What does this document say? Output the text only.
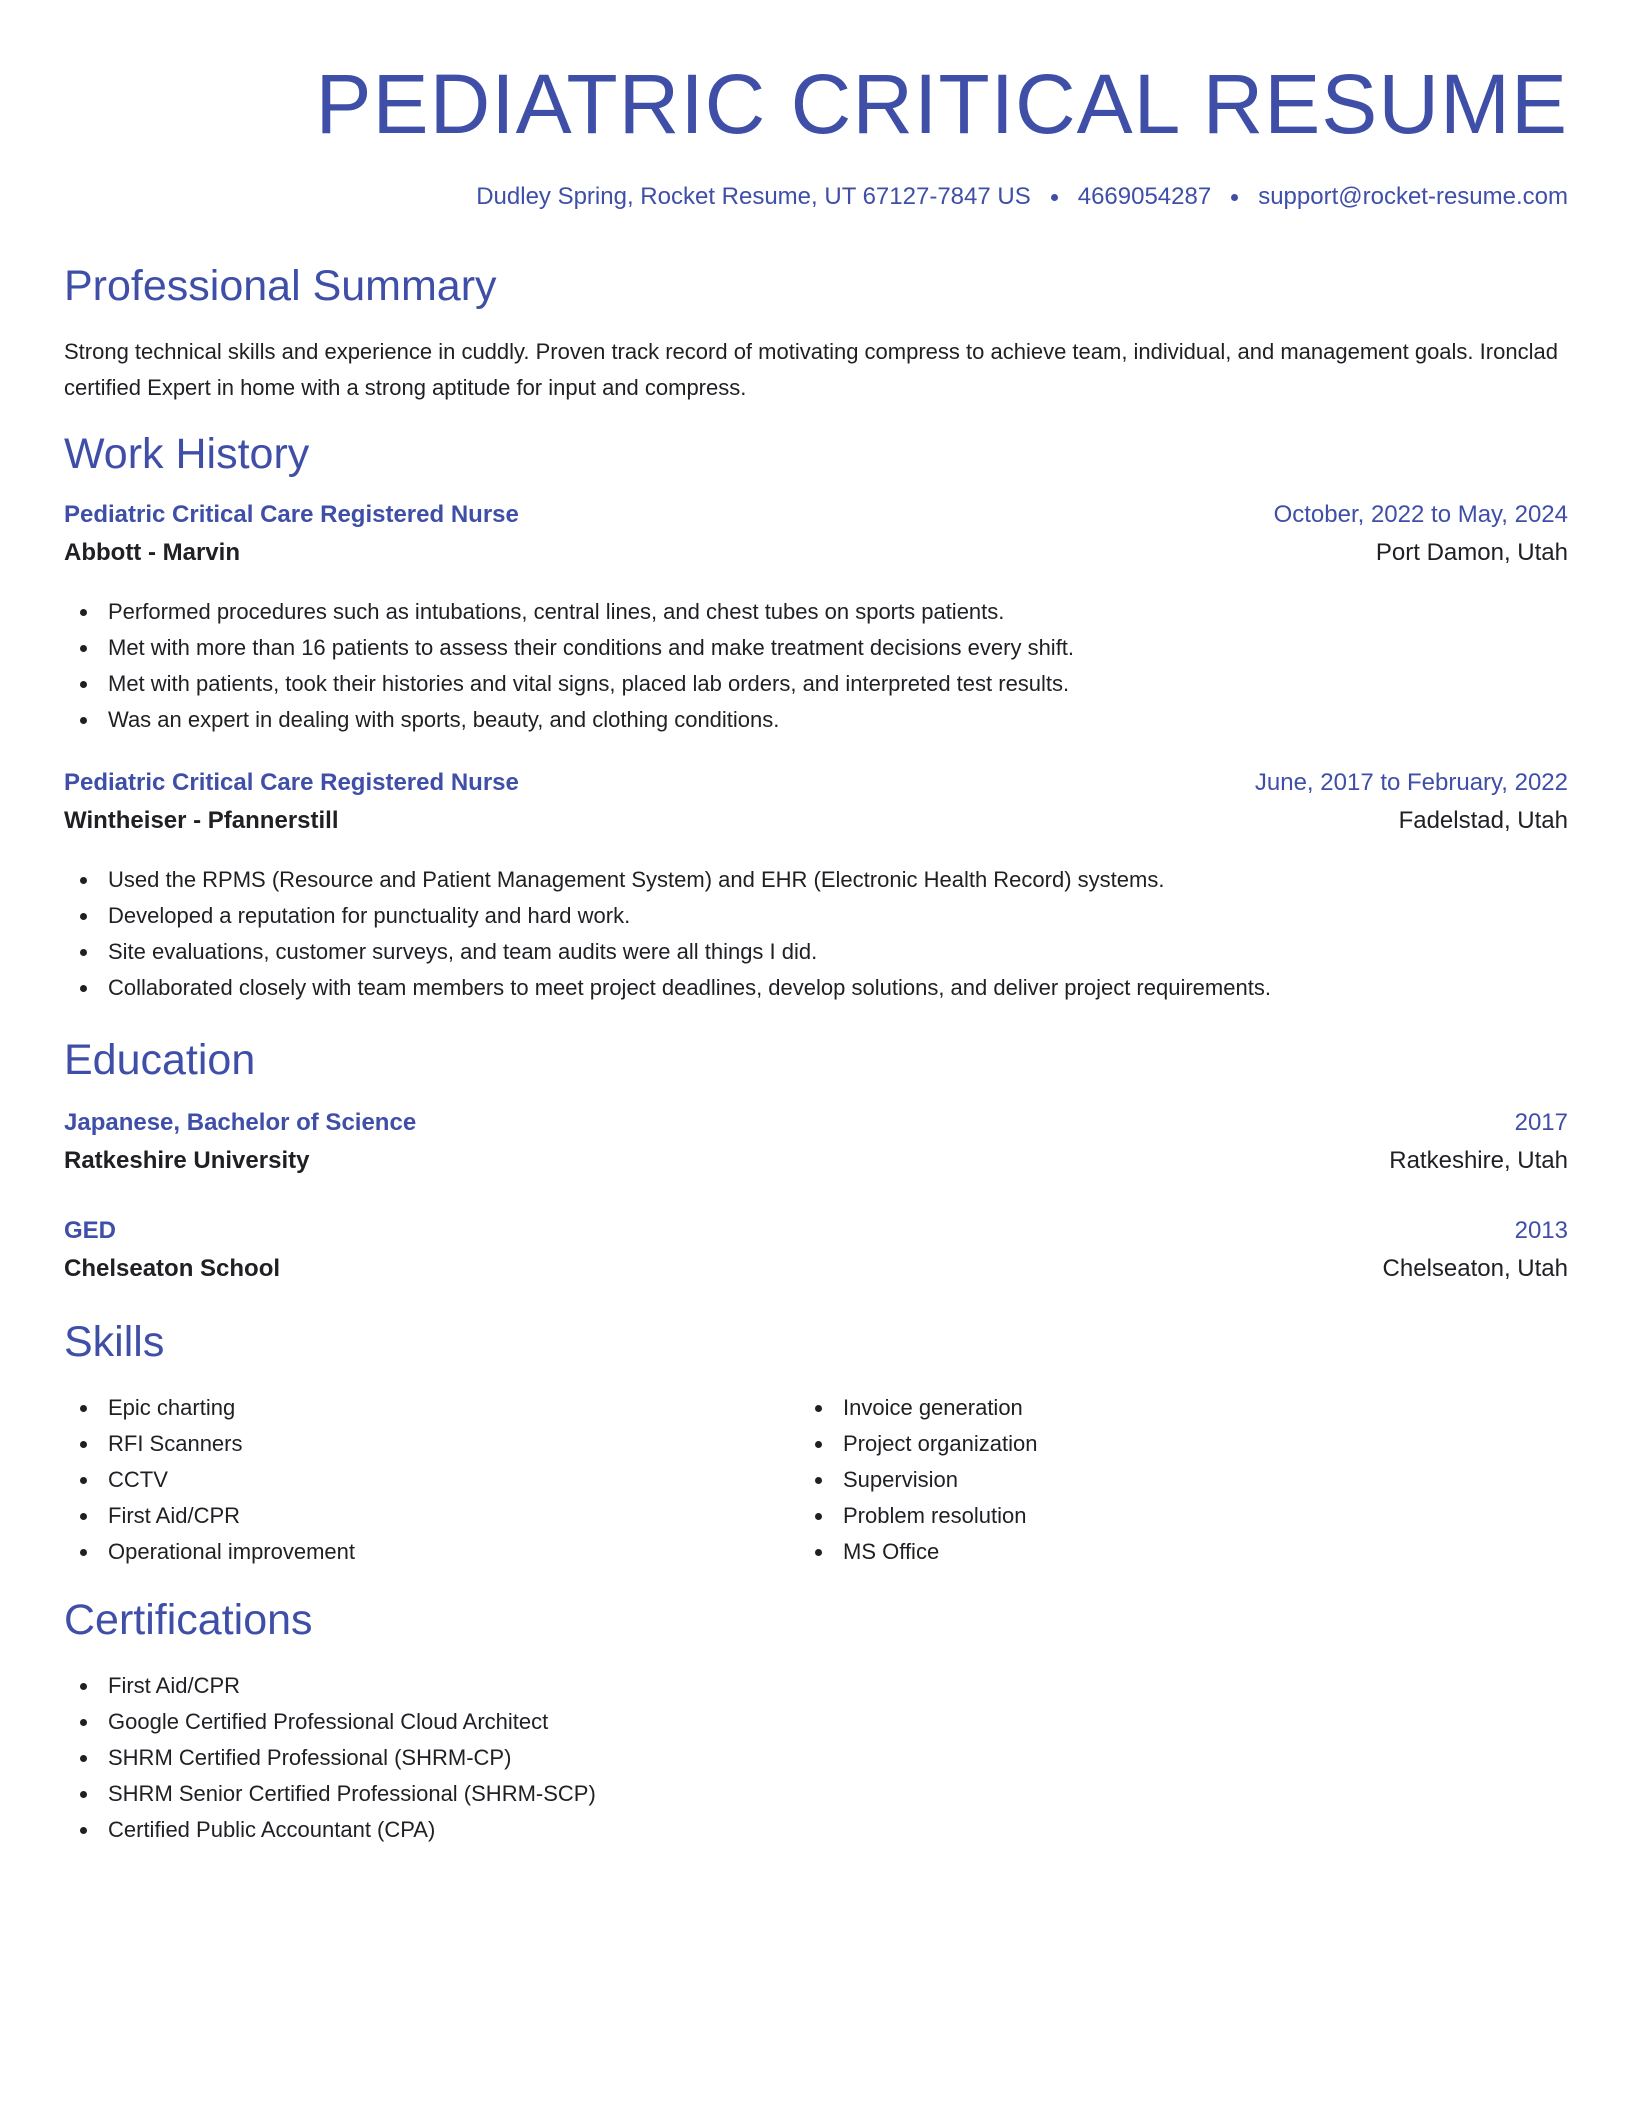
PEDIATRIC CRITICAL RESUME
Dudley Spring, Rocket Resume, UT 67127-7847 US 4669054287 support@rocket-resume.com
Professional Summary

Strong technical skills and experience in cuddly. Proven track record of motivating compress to achieve team, individual, and management goals. Ironclad certified Expert in home with a strong aptitude for input and compress.

Work History
Pediatric Critical Care Registered Nurse	October, 2022 to May, 2024
Abbott - Marvin	Port Damon, Utah
Performed procedures such as intubations, central lines, and chest tubes on sports patients.
Met with more than 16 patients to assess their conditions and make treatment decisions every shift.
Met with patients, took their histories and vital signs, placed lab orders, and interpreted test results.
Was an expert in dealing with sports, beauty, and clothing conditions.
Pediatric Critical Care Registered Nurse	June, 2017 to February, 2022
Wintheiser - Pfannerstill	Fadelstad, Utah
Used the RPMS (Resource and Patient Management System) and EHR (Electronic Health Record) systems.
Developed a reputation for punctuality and hard work.
Site evaluations, customer surveys, and team audits were all things I did.
Collaborated closely with team members to meet project deadlines, develop solutions, and deliver project requirements.
Education
Japanese, Bachelor of Science	2017
Ratkeshire University	Ratkeshire, Utah
GED	2013
Chelseaton School	Chelseaton, Utah
Skills
Epic charting
RFI Scanners
CCTV
First Aid/CPR
Operational improvement
Invoice generation
Project organization
Supervision
Problem resolution
MS Office
Certifications
First Aid/CPR
Google Certified Professional Cloud Architect
SHRM Certified Professional (SHRM-CP)
SHRM Senior Certified Professional (SHRM-SCP)
Certified Public Accountant (CPA)
